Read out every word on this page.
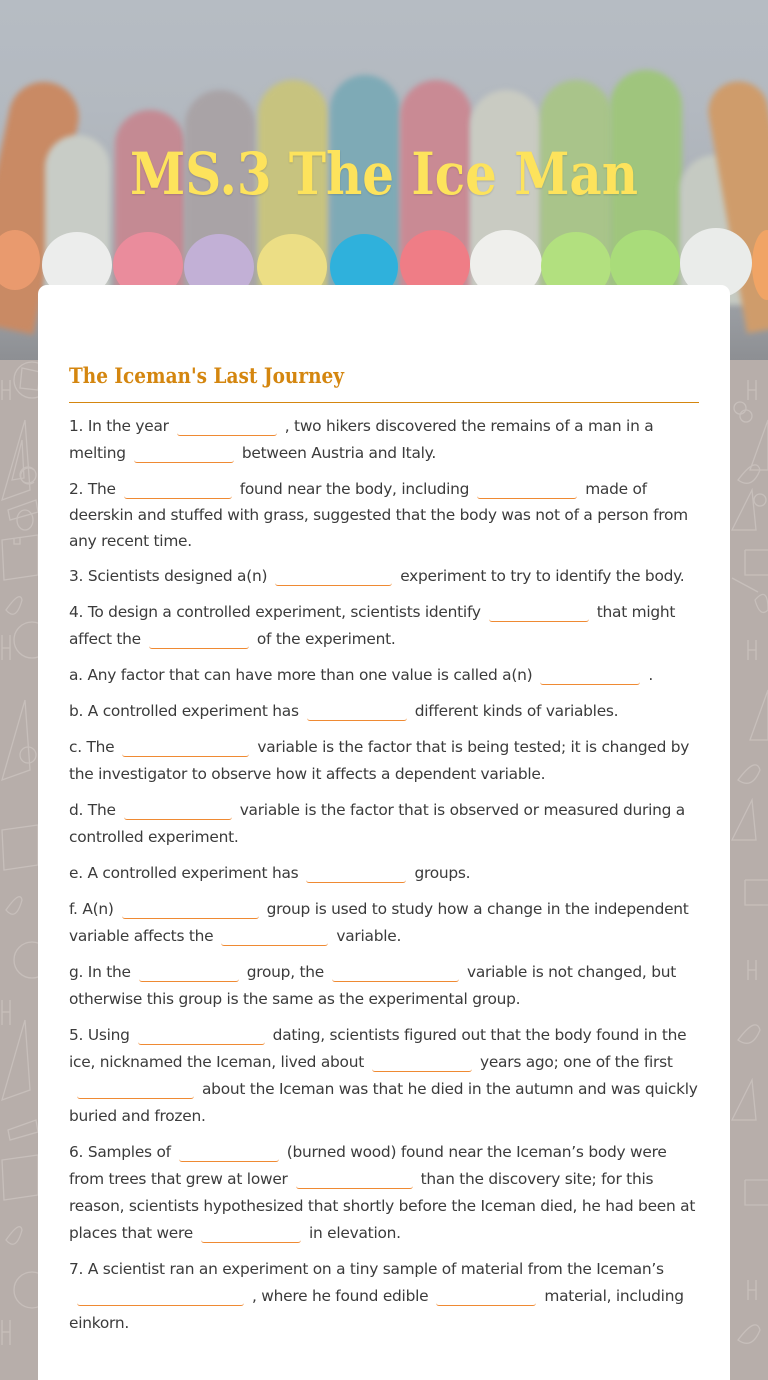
MS.3 The Ice Man
The Iceman's Last Journey

1. In the year	, two hikers discovered the remains of a man in a melting	between Austria and Italy.

2. The	found near the body, including	made of deerskin and stuffed with grass, suggested that the body was not of a person from any recent time.

3. Scientists designed a(n)	experiment to try to identify the body.

4. To design a controlled experiment, scientists identify	that might affect the	of the experiment.

a. Any factor that can have more than one value is called a(n)	.

b. A controlled experiment has	different kinds of variables.

c. The	variable is the factor that is being tested; it is changed by the investigator to observe how it affects a dependent variable.

d. The	variable is the factor that is observed or measured during a controlled experiment.

e. A controlled experiment has	groups.

f. A(n)	group is used to study how a change in the independent variable affects the	variable.

g. In the	group, the	variable is not changed, but otherwise this group is the same as the experimental group.

5. Using	dating, scientists figured out that the body found in the ice, nicknamed the Iceman, lived about	years ago; one of the firstabout the Iceman was that he died in the autumn and was quickly buried and frozen.

6. Samples of	(burned wood) found near the Iceman’s body were from trees that grew at lower	than the discovery site; for this reason, scientists hypothesized that shortly before the Iceman died, he had been at places that were	in elevation.

7. A scientist ran an experiment on a tiny sample of material from the Iceman’s, where he found edible	material, including einkorn.
